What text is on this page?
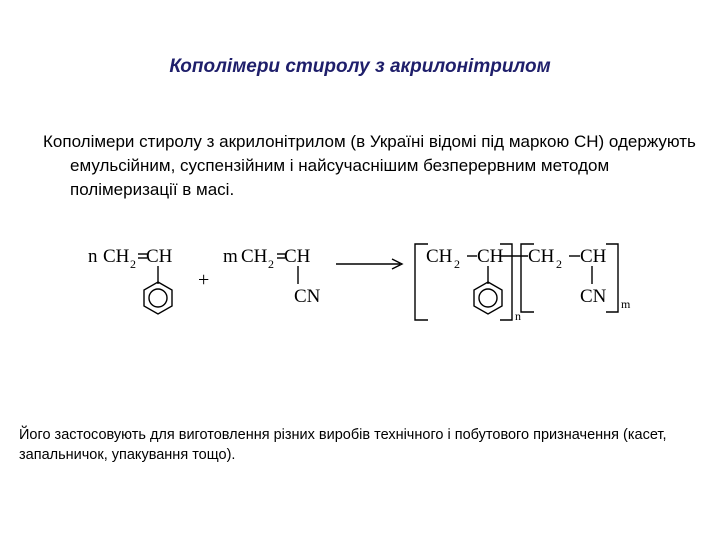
Кополімери стиролу з акрилонітрилом
Кополімери стиролу з акрилонітрилом (в Україні відомі під маркою СН) одержують емульсійним, суспензійним і найсучаснішим безперервним методом полімеризації в масі.
n CH 2 CH
+
m CH 2 CH
CN
CH 2 CH CH 2 CH
CN
n
m
Його застосовують для виготовлення різних виробів технічного і побутового призначення (касет, запальничок, упакування тощо).
